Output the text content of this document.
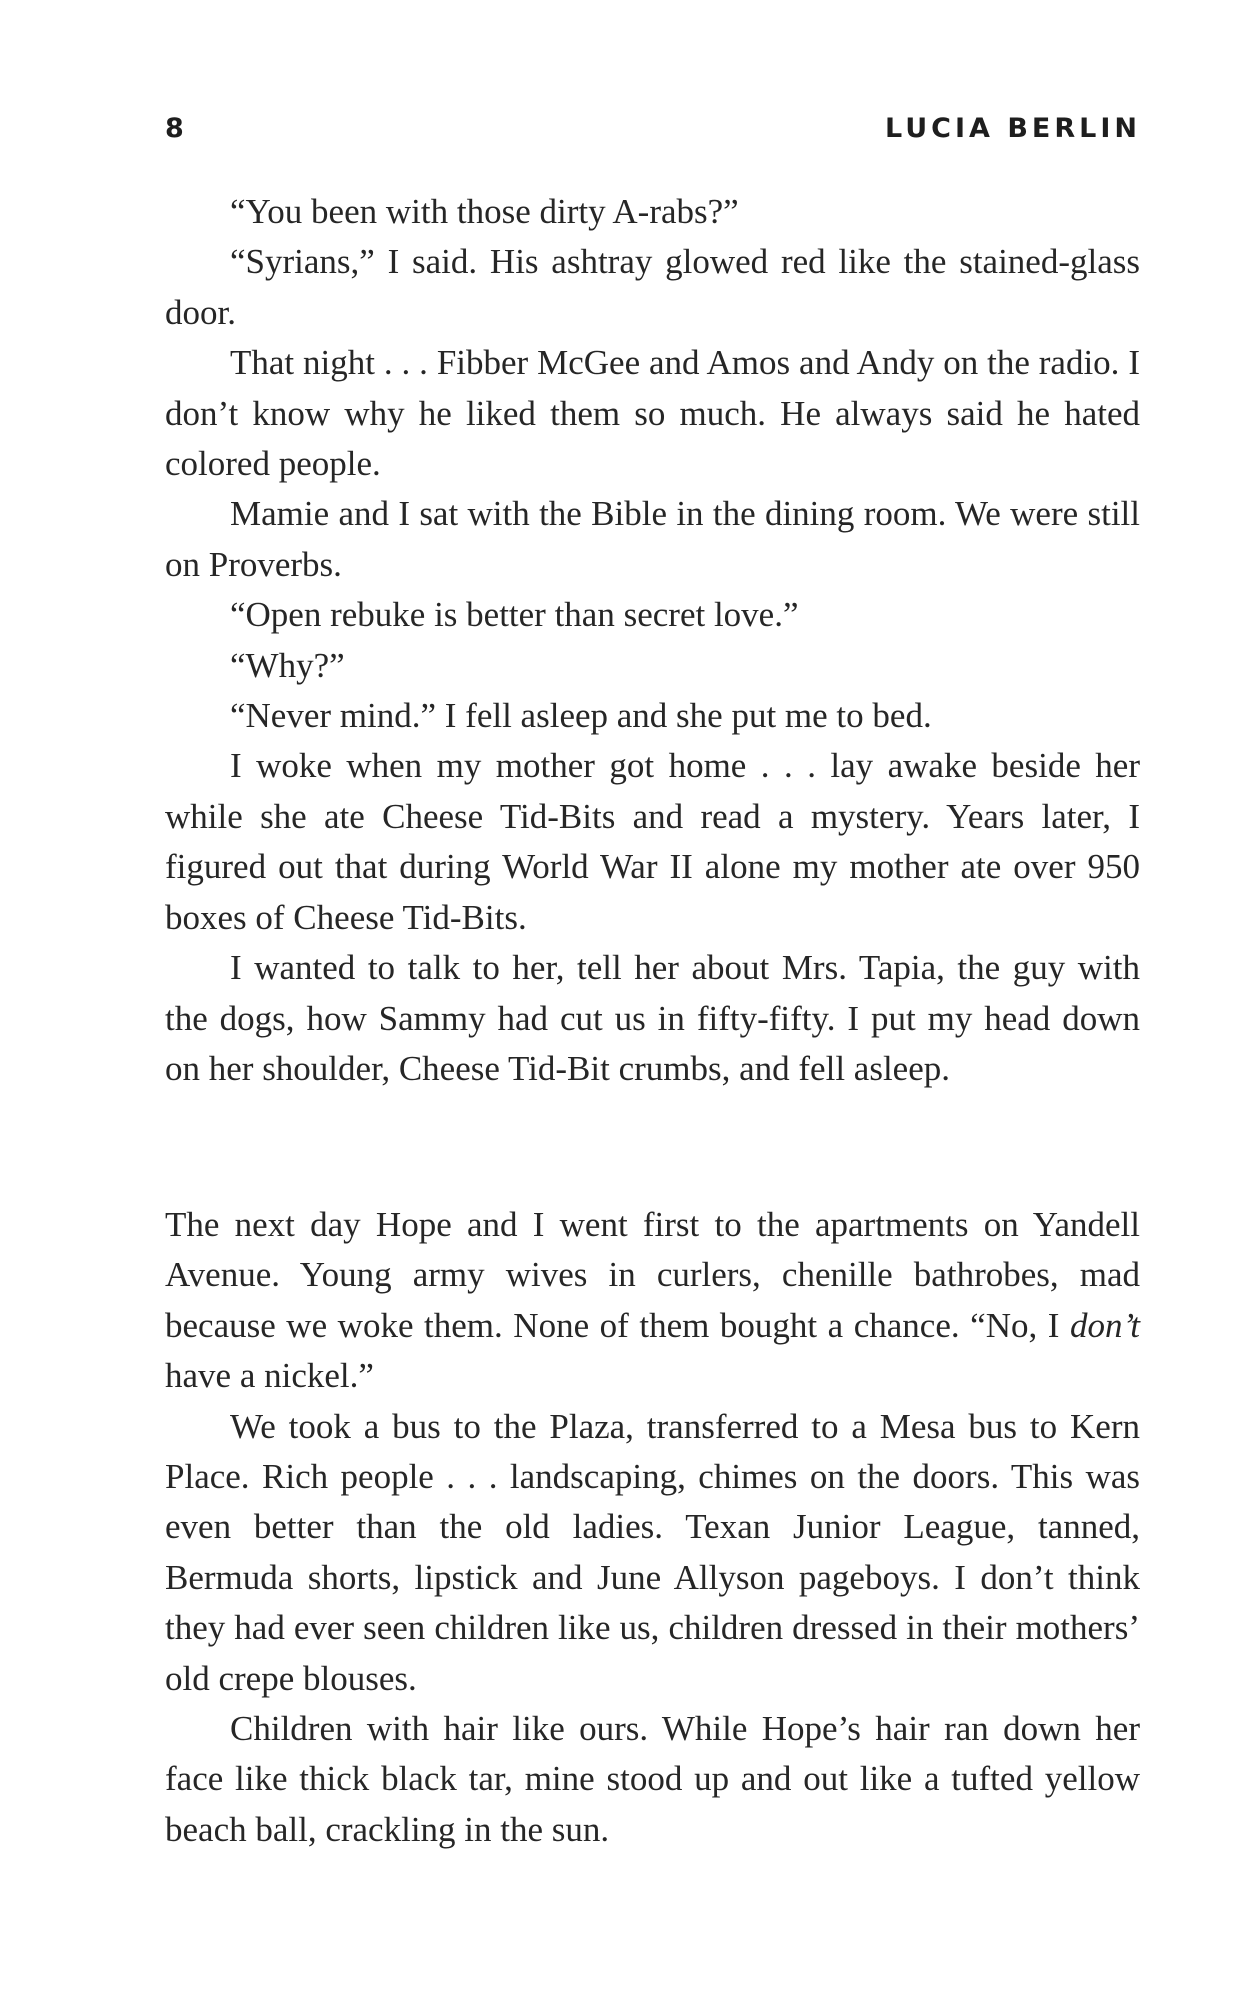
8	LUCIA BERLIN

“You been with those dirty A-rabs?”

“Syrians,” I said. His ashtray glowed red like the stained-glass door.

That night . . . Fibber McGee and Amos and Andy on the radio. I don’t know why he liked them so much. He always said he hated colored people.

Mamie and I sat with the Bible in the dining room. We were still on Proverbs.

“Open rebuke is better than secret love.”

“Why?”

“Never mind.” I fell asleep and she put me to bed.

I woke when my mother got home . . . lay awake beside her while she ate Cheese Tid-Bits and read a mystery. Years later, I figured out that during World War II alone my mother ate over 950 boxes of Cheese Tid-Bits.

I wanted to talk to her, tell her about Mrs. Tapia, the guy with the dogs, how Sammy had cut us in fifty-fifty. I put my head down on her shoulder, Cheese Tid-Bit crumbs, and fell asleep.

The next day Hope and I went first to the apartments on Yandell Avenue. Young army wives in curlers, chenille bathrobes, mad because we woke them. None of them bought a chance. “No, I don’t have a nickel.”

We took a bus to the Plaza, transferred to a Mesa bus to Kern Place. Rich people . . . landscaping, chimes on the doors. This was even better than the old ladies. Texan Junior League, tanned, Bermuda shorts, lipstick and June Allyson pageboys. I don’t think they had ever seen children like us, children dressed in their mothers’ old crepe blouses.

Children with hair like ours. While Hope’s hair ran down her face like thick black tar, mine stood up and out like a tufted yellow beach ball, crackling in the sun.
